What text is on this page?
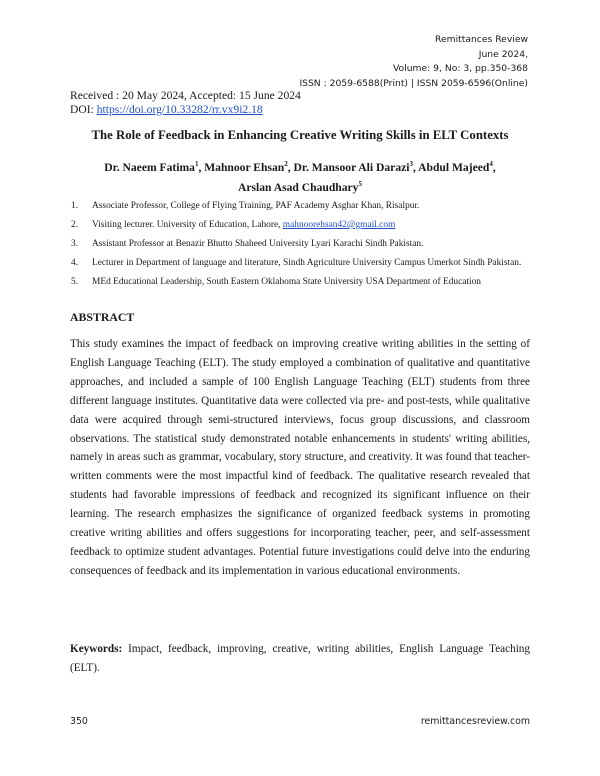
Remittances Review
June 2024,
Volume: 9, No: 3, pp.350-368
ISSN : 2059-6588(Print) | ISSN 2059-6596(Online)
Received : 20 May 2024, Accepted: 15 June 2024
DOI: https://doi.org/10.33282/rr.vx9i2.18
The Role of Feedback in Enhancing Creative Writing Skills in ELT Contexts
Dr. Naeem Fatima$^1$, Mahnoor Ehsan$^2$, Dr. Mansoor Ali Darazi$^3$, Abdul Majeed$^4$,
Arslan Asad Chaudhary$^5$
1. Associate Professor, College of Flying Training, PAF Academy Asghar Khan, Risalpur.
2. Visiting lecturer. University of Education, Lahore, mahnoorehsan42@gmail.com
3. Assistant Professor at Benazir Bhutto Shaheed University Lyari Karachi Sindh Pakistan.
4. Lecturer in Department of language and literature, Sindh Agriculture University Campus Umerkot Sindh Pakistan.
5. MEd Educational Leadership, South Eastern Oklahoma State University USA Department of Education
ABSTRACT

This study examines the impact of feedback on improving creative writing abilities in the setting of English Language Teaching (ELT). The study employed a combination of qualitative and quantitative approaches, and included a sample of 100 English Language Teaching (ELT) students from three different language institutes. Quantitative data were collected via pre- and post-tests, while qualitative data were acquired through semi-structured interviews, focus group discussions, and classroom observations. The statistical study demonstrated notable enhancements in students' writing abilities, namely in areas such as grammar, vocabulary, story structure, and creativity. It was found that teacher-written comments were the most impactful kind of feedback. The qualitative research revealed that students had favorable impressions of feedback and recognized its significant influence on their learning. The research emphasizes the significance of organized feedback systems in promoting creative writing abilities and offers suggestions for incorporating teacher, peer, and self-assessment feedback to optimize student advantages. Potential future investigations could delve into the enduring consequences of feedback and its implementation in various educational environments.

Keywords: Impact, feedback, improving, creative, writing abilities, English Language Teaching (ELT).

350	remittancesreview.com
